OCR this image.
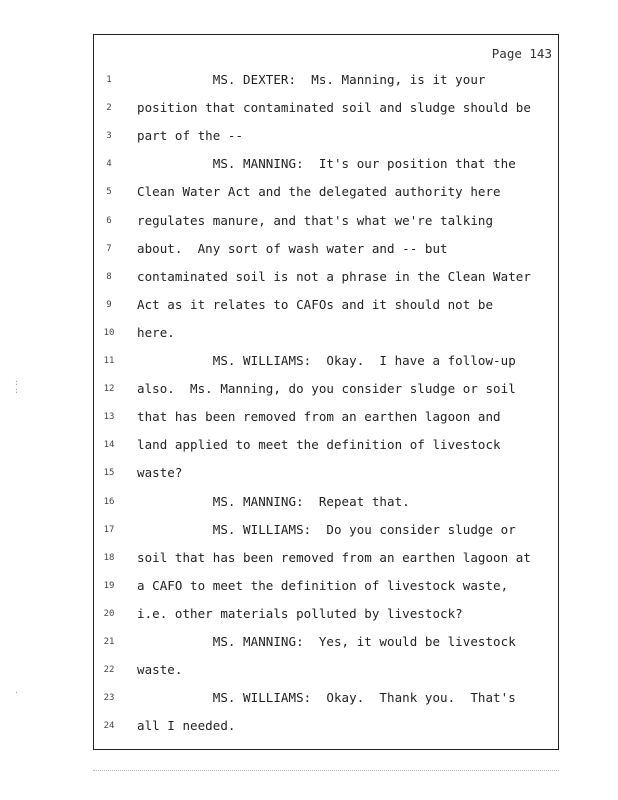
Page 143
1
2
3
4
5
6
7
8
9
10
11
12
13
14
15
16
17
18
19
20
21
22
23
24
MS. DEXTER:  Ms. Manning, is it your
position that contaminated soil and sludge should be
part of the --
MS. MANNING:  It's our position that the
Clean Water Act and the delegated authority here
regulates manure, and that's what we're talking
about.  Any sort of wash water and -- but
contaminated soil is not a phrase in the Clean Water
Act as it relates to CAFOs and it should not be
here.
MS. WILLIAMS:  Okay.  I have a follow-up
also.  Ms. Manning, do you consider sludge or soil
that has been removed from an earthen lagoon and
land applied to meet the definition of livestock
waste?
MS. MANNING:  Repeat that.
MS. WILLIAMS:  Do you consider sludge or
soil that has been removed from an earthen lagoon at
a CAFO to meet the definition of livestock waste,
i.e. other materials polluted by livestock?
MS. MANNING:  Yes, it would be livestock
waste.
MS. WILLIAMS:  Okay.  Thank you.  That's
all I needed.
:
:
·
